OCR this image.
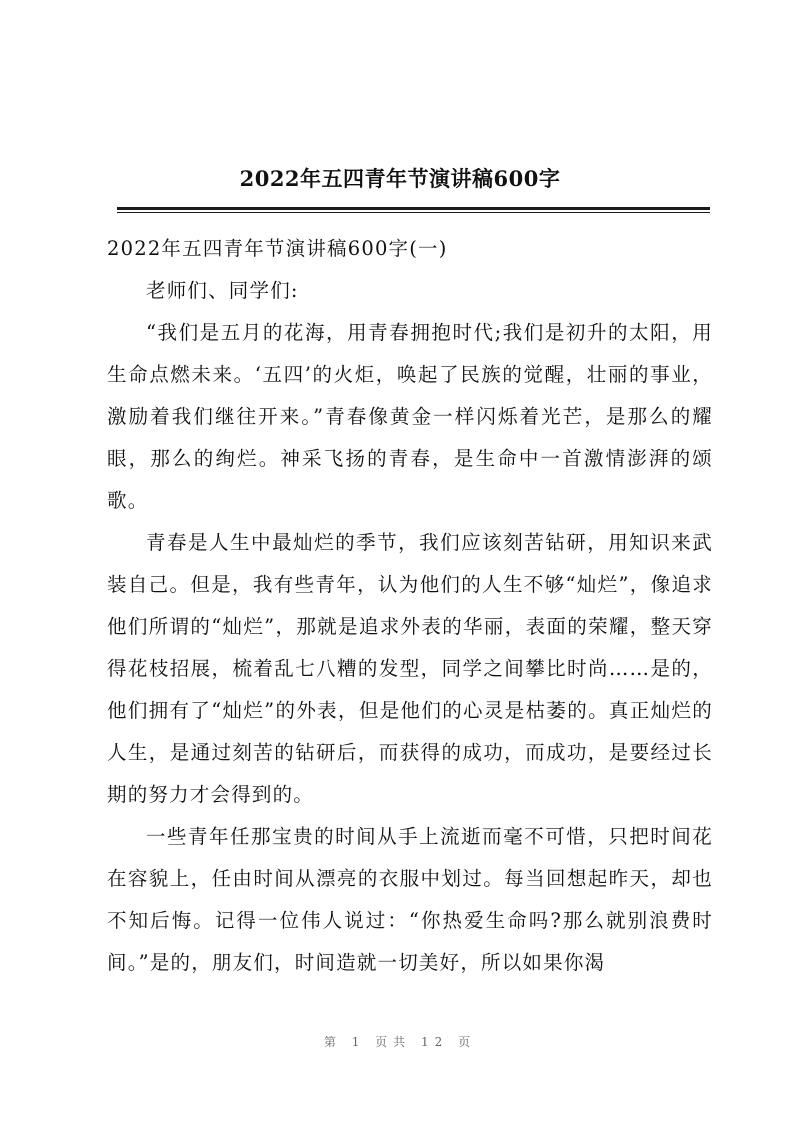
2022年五四青年节演讲稿600字

2022年五四青年节演讲稿600字(一)

老师们、同学们:

“我们是五月的花海，用青春拥抱时代;我们是初升的太阳，用生命点燃未来。‘五四’的火炬，唤起了民族的觉醒，壮丽的事业，激励着我们继往开来。”青春像黄金一样闪烁着光芒，是那么的耀眼，那么的绚烂。神采飞扬的青春，是生命中一首激情澎湃的颂歌。

青春是人生中最灿烂的季节，我们应该刻苦钻研，用知识来武装自己。但是，我有些青年，认为他们的人生不够“灿烂”，像追求他们所谓的“灿烂”，那就是追求外表的华丽，表面的荣耀，整天穿得花枝招展，梳着乱七八糟的发型，同学之间攀比时尚……是的，他们拥有了“灿烂”的外表，但是他们的心灵是枯萎的。真正灿烂的人生，是通过刻苦的钻研后，而获得的成功，而成功，是要经过长期的努力才会得到的。

一些青年任那宝贵的时间从手上流逝而毫不可惜，只把时间花在容貌上，任由时间从漂亮的衣服中划过。每当回想起昨天，却也不知后悔。记得一位伟人说过：“你热爱生命吗?那么就别浪费时间。”是的，朋友们，时间造就一切美好，所以如果你渴

第 1 页共 12 页
